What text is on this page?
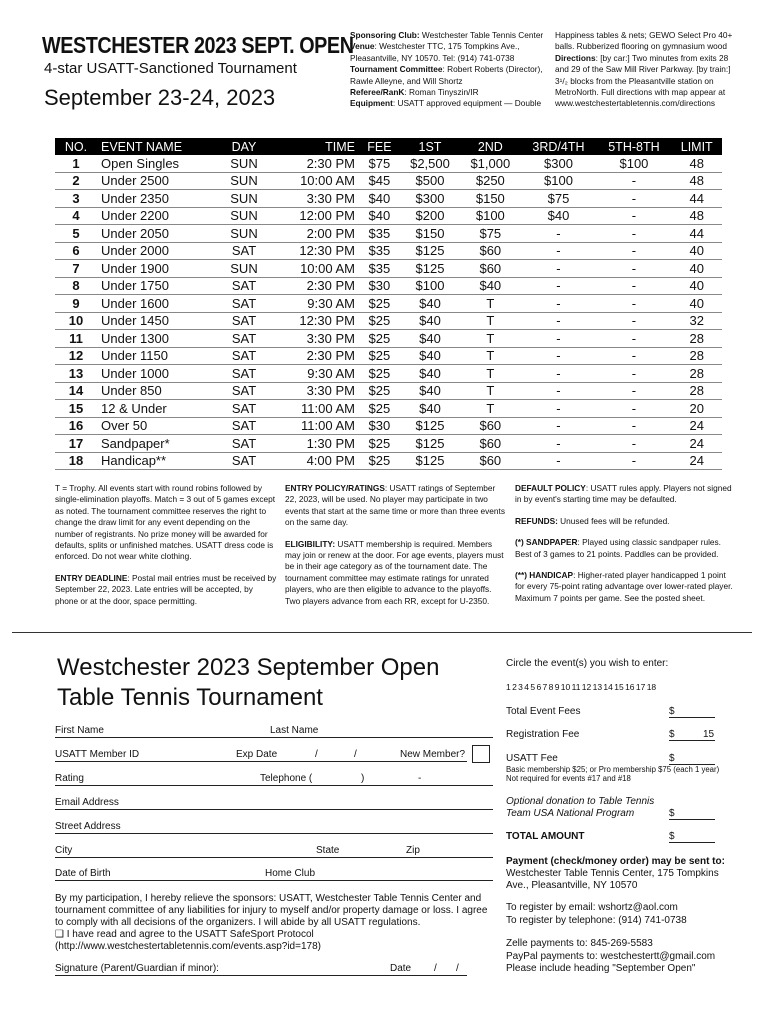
WESTCHESTER 2023 SEPT. OPEN
4-star USATT-Sanctioned Tournament
September 23-24, 2023
Sponsoring Club: Westchester Table Tennis Center
Venue: Westchester TTC, 175 Tompkins Ave., Pleasantville, NY 10570. Tel: (914) 741-0738
Tournament Committee: Robert Roberts (Director), Rawle Alleyne, and Will Shortz
Referee/RanK: Roman Tinyszin/IR
Equipment: USATT approved equipment — Double
Happiness tables & nets; GEWO Select Pro 40+ balls. Rubberized flooring on gymnasium wood Directions: [by car:] Two minutes from exits 28 and 29 of the Saw Mill River Parkway. [by train:] 3¹/₂ blocks from the Pleasantville station on MetroNorth. Full directions with map appear at www.westchestertabletennis.com/directions
NO.	EVENT NAME	DAY	TIME	FEE	1ST	2ND	3RD/4TH	5TH-8TH	LIMIT
1	Open Singles	SUN	2:30 PM	$75	$2,500	$1,000	$300	$100	48
2	Under 2500	SUN	10:00 AM	$45	$500	$250	$100	-	48
3	Under 2350	SUN	3:30 PM	$40	$300	$150	$75	-	44
4	Under 2200	SUN	12:00 PM	$40	$200	$100	$40	-	48
5	Under 2050	SUN	2:00 PM	$35	$150	$75	-	-	44
6	Under 2000	SAT	12:30 PM	$35	$125	$60	-	-	40
7	Under 1900	SUN	10:00 AM	$35	$125	$60	-	-	40
8	Under 1750	SAT	2:30 PM	$30	$100	$40	-	-	40
9	Under 1600	SAT	9:30 AM	$25	$40	T	-	-	40
10	Under 1450	SAT	12:30 PM	$25	$40	T	-	-	32
11	Under 1300	SAT	3:30 PM	$25	$40	T	-	-	28
12	Under 1150	SAT	2:30 PM	$25	$40	T	-	-	28
13	Under 1000	SAT	9:30 AM	$25	$40	T	-	-	28
14	Under 850	SAT	3:30 PM	$25	$40	T	-	-	28
15	12 & Under	SAT	11:00 AM	$25	$40	T	-	-	20
16	Over 50	SAT	11:00 AM	$30	$125	$60	-	-	24
17	Sandpaper*	SAT	1:30 PM	$25	$125	$60	-	-	24
18	Handicap**	SAT	4:00 PM	$25	$125	$60	-	-	24

T = Trophy. All events start with round robins followed by single-elimination playoffs. Match = 3 out of 5 games except as noted. The tournament committee reserves the right to change the draw limit for any event depending on the number of registrants. No prize money will be awarded for defaults, splits or unfinished matches. USATT dress code is enforced. Do not wear white clothing.

ENTRY DEADLINE: Postal mail entries must be received by September 22, 2023. Late entries will be accepted, by phone or at the door, space permitting.

ENTRY POLICY/RATINGS: USATT ratings of September 22, 2023, will be used. No player may participate in two events that start at the same time or more than three events on the same day.

ELIGIBILITY: USATT membership is required. Members may join or renew at the door. For age events, players must be in their age category as of the tournament date. The tournament committee may estimate ratings for unrated players, who are then eligible to advance to the playoffs. Two players advance from each RR, except for U-2350.

DEFAULT POLICY: USATT rules apply. Players not signed in by event's starting time may be defaulted.

REFUNDS: Unused fees will be refunded.

(*) SANDPAPER: Played using classic sandpaper rules. Best of 3 games to 21 points. Paddles can be provided.

(**) HANDICAP: Higher-rated player handicapped 1 point for every 75-point rating advantage over lower-rated player. Maximum 7 points per game. See the posted sheet.

Westchester 2023 September Open Table Tennis Tournament
First Name	Last Name
USATT Member ID	Exp Date	/	/	New Member?
Rating	Telephone (	)	-
Email Address
Street Address
City	State	Zip
Date of Birth	Home Club
By my participation, I hereby relieve the sponsors: USATT, Westchester Table Tennis Center and tournament committee of any liabilities for injury to myself and/or property damage or loss. I agree to comply with all decisions of the organizers. I will abide by all USATT regulations.
❑ I have read and agree to the USATT SafeSport Protocol (http://www.westchestertabletennis.com/events.asp?id=178)
Signature (Parent/Guardian if minor):	Date / /
Circle the event(s) you wish to enter:
1 2 3 4 5 6 7 8 9 10 11 12 13 14 15 16 17 18
Total Event Fees	$
Registration Fee	$	15
USATT Fee	$
Basic membership $25; or Pro membership $75 (each 1 year)
Not required for events #17 and #18
Optional donation to Table Tennis Team USA National Program	$
TOTAL AMOUNT	$
Payment (check/money order) may be sent to: Westchester Table Tennis Center, 175 Tompkins Ave., Pleasantville, NY 10570
To register by email: wshortz@aol.com
To register by telephone: (914) 741-0738
Zelle payments to: 845-269-5583
PayPal payments to: westchestertt@gmail.com
Please include heading "September Open"
